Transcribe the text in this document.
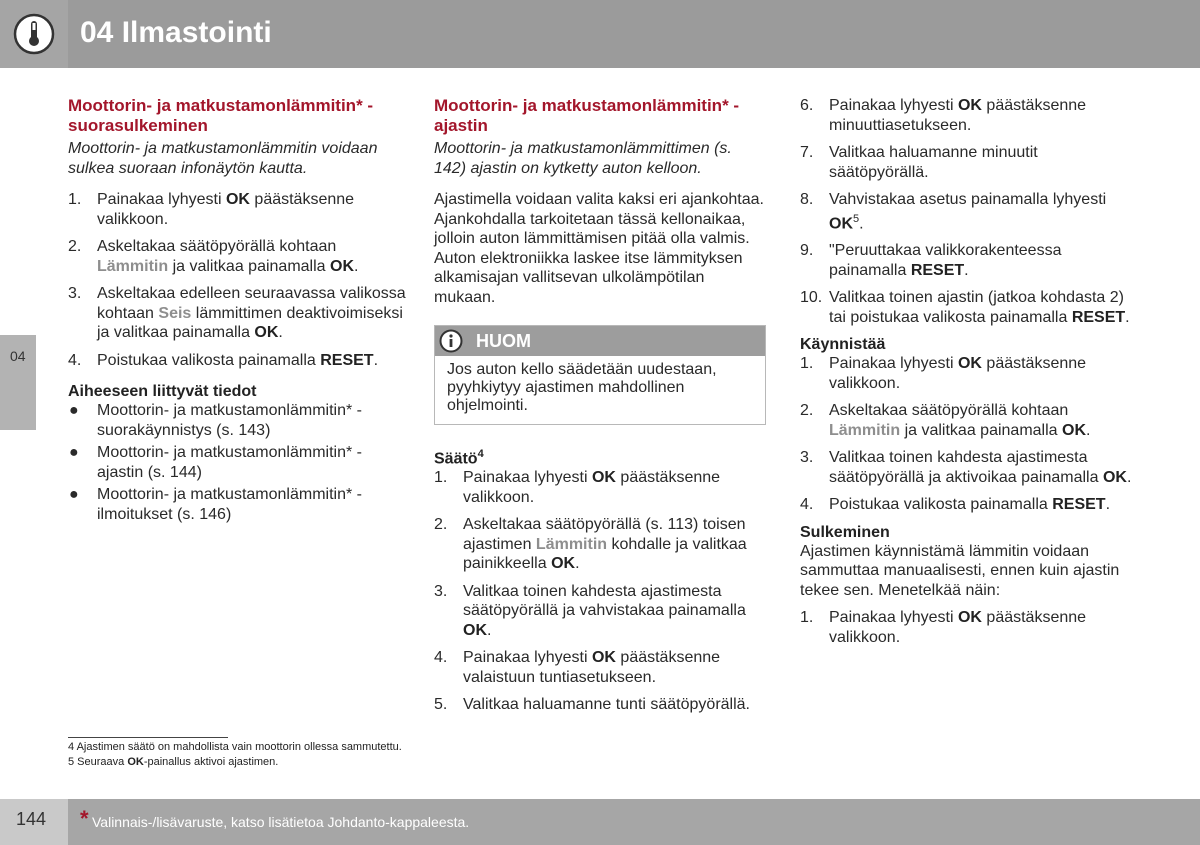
04 Ilmastointi
04
Moottorin- ja matkustamonlämmitin* - suorasulkeminen

Moottorin- ja matkustamonlämmitin voidaan sulkea suoraan infonäytön kautta.

1. Painakaa lyhyesti OK päästäksenne valikkoon.
2. Askeltakaa säätöpyörällä kohtaan Lämmitin ja valitkaa painamalla OK.
3. Askeltakaa edelleen seuraavassa valikossa kohtaan Seis lämmittimen deaktivoimiseksi ja valitkaa painamalla OK.
4. Poistukaa valikosta painamalla RESET.
Aiheeseen liittyvät tiedot
● Moottorin- ja matkustamonlämmitin* - suorakäynnistys (s. 143)
● Moottorin- ja matkustamonlämmitin* - ajastin (s. 144)
● Moottorin- ja matkustamonlämmitin* - ilmoitukset (s. 146)
Moottorin- ja matkustamonlämmitin* - ajastin

Moottorin- ja matkustamonlämmittimen (s. 142) ajastin on kytketty auton kelloon.

Ajastimella voidaan valita kaksi eri ajankohtaa. Ajankohdalla tarkoitetaan tässä kellonaikaa, jolloin auton lämmittämisen pitää olla valmis. Auton elektroniikka laskee itse lämmityksen alkamisajan vallitsevan ulkolämpötilan mukaan.

HUOM
Jos auton kello säädetään uudestaan, pyyhkiytyy ajastimen mahdollinen ohjelmointi.
Säätö$^4$
1. Painakaa lyhyesti OK päästäksenne valikkoon.
2. Askeltakaa säätöpyörällä (s. 113) toisen ajastimen Lämmitin kohdalle ja valitkaa painikkeella OK.
3. Valitkaa toinen kahdesta ajastimesta säätöpyörällä ja vahvistakaa painamalla OK.
4. Painakaa lyhyesti OK päästäksenne valaistuun tuntiasetukseen.
5. Valitkaa haluamanne tunti säätöpyörällä.
6. Painakaa lyhyesti OK päästäksenne minuuttiasetukseen.
7. Valitkaa haluamanne minuutit säätöpyörällä.
8. Vahvistakaa asetus painamalla lyhyesti $OK^5$.
9. "Peruuttakaa valikkorakenteessa painamalla RESET.
10. Valitkaa toinen ajastin (jatkoa kohdasta 2) tai poistukaa valikosta painamalla RESET.
Käynnistää
1. Painakaa lyhyesti OK päästäksenne valikkoon.
2. Askeltakaa säätöpyörällä kohtaan Lämmitin ja valitkaa painamalla OK.
3. Valitkaa toinen kahdesta ajastimesta säätöpyörällä ja aktivoikaa painamalla OK.
4. Poistukaa valikosta painamalla RESET.
Sulkeminen

Ajastimen käynnistämä lämmitin voidaan sammuttaa manuaalisesti, ennen kuin ajastin tekee sen. Menetelkää näin:

1. Painakaa lyhyesti OK päästäksenne valikkoon.
4 Ajastimen säätö on mahdollista vain moottorin ollessa sammutettu.
5 Seuraava OK-painallus aktivoi ajastimen.
144 * Valinnais-/lisävaruste, katso lisätietoa Johdanto-kappaleesta.
